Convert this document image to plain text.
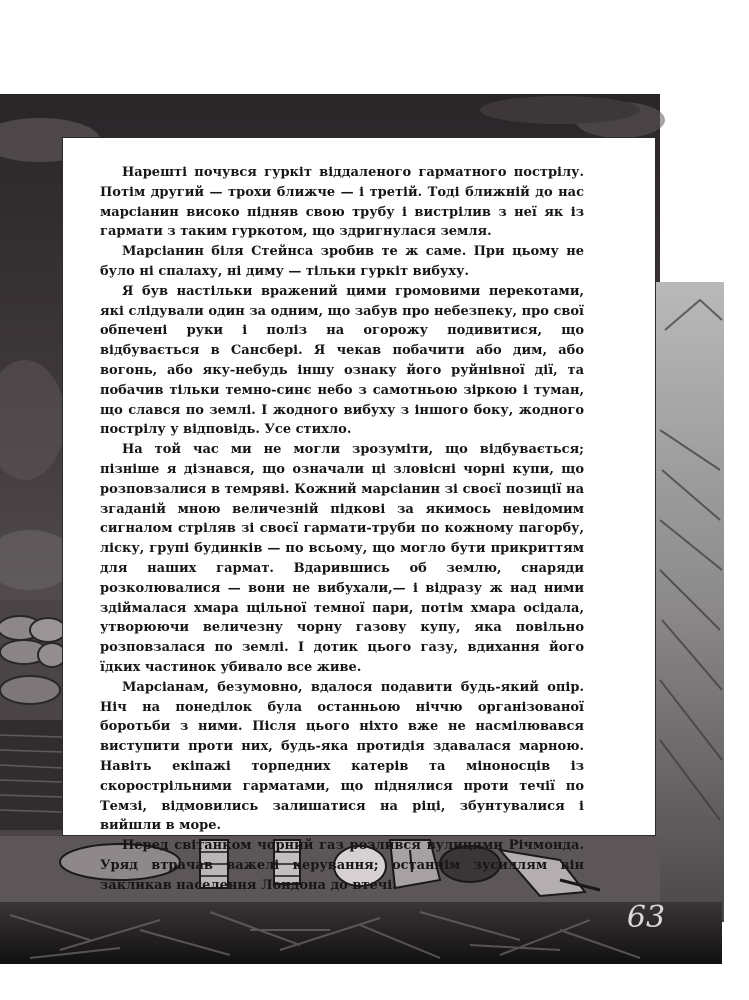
Нарешті почувся гуркіт віддаленого гарматного пострілу. Потім другий — трохи ближче — і третій. Тоді ближній до нас марсіанин високо підняв свою трубу і вистрілив з неї як із гармати з таким гуркотом, що здригнулася земля.

Марсіанин біля Стейнса зробив те ж саме. При цьому не було ні спалаху, ні диму — тільки гуркіт вибуху.

Я був настільки вражений цими громовими перекотами, які слідували один за одним, що забув про небезпеку, про свої обпечені руки і поліз на огорожу подивитися, що відбувається в Сансбері. Я чекав побачити або дим, або вогонь, або яку-небудь іншу ознаку його руйнівної дії, та побачив тільки темно-синє небо з самотньою зіркою і туман, що слався по землі. І жодного вибуху з іншого боку, жодного пострілу у відповідь. Усе стихло.

На той час ми не могли зрозуміти, що відбувається; пізніше я дізнався, що означали ці зловісні чорні купи, що розповзалися в темряві. Кожний марсіанин зі своєї позиції на згаданій мною величезній підкові за якимось невідомим сигналом стріляв зі своєї гармати-труби по кожному пагорбу, ліску, групі будинків — по всьому, що могло бути прикриттям для наших гармат. Вдарившись об землю, снаряди розколювалися — вони не вибухали,— і відразу ж над ними здіймалася хмара щільної темної пари, потім хмара осідала, утворюючи величезну чорну газову купу, яка повільно розповзалася по землі. І дотик цього газу, вдихання його їдких частинок убивало все живе.

Марсіанам, безумовно, вдалося подавити будь-який опір. Ніч на понеділок була останньою ніччю організованої боротьби з ними. Після цього ніхто вже не насмілювався виступити проти них, будь-яка протидія здавалася марною. Навіть екіпажі торпедних катерів та міноносців із скорострільними гарматами, що піднялися проти течії по Темзі, відмовились залишатися на ріці, збунтувалися і вийшли в море.

Перед світанком чорний газ розлився вулицями Річмонда. Уряд втрачав важелі керування; останнім зусиллям він закликав населення Лондона до втечі.

63
